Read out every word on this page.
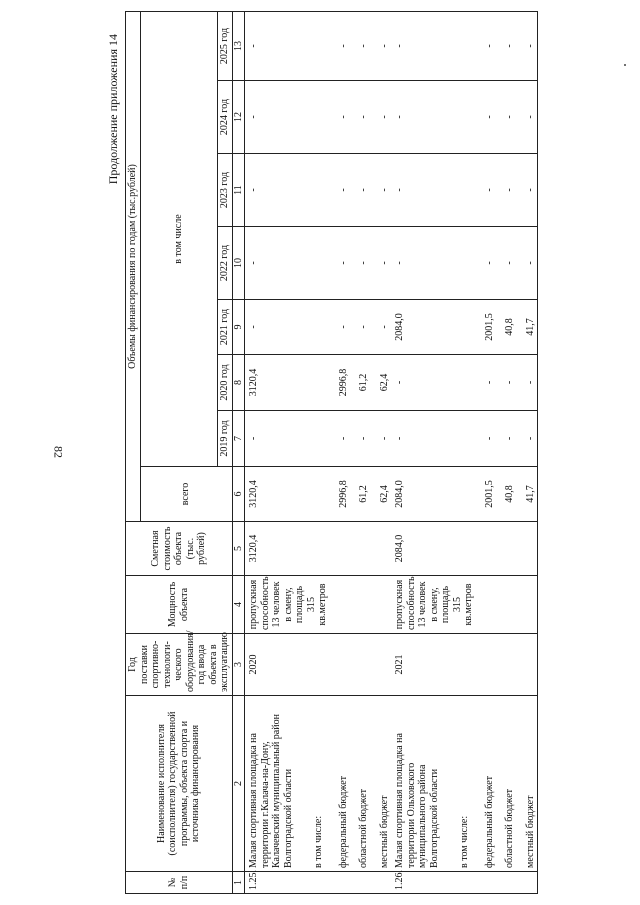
82
Продолжение приложения 14
№ п/п	Наименование исполнителя (соисполнителя) государственной программы, объекта спорта и источника финансирования	Год поставки спортивно-технологи-ческого оборудования/ год ввода объекта в эксплуатацию	Мощность объекта	Сметная стоимость объекта (тыс. рублей)	Объемы финансирования по годам (тыс.рублей)							
					всего	в том числе						
						2019 год	2020 год	2021 год	2022 год	2023 год	2024 год	2025 год
1	2	3	4	5	6	7	8	9	10	11	12	13
1.25.	Малая спортивная площадка на территории г.Калача-на-Дону, Калачевский муниципальный район Волгоградской области	2020	пропускная способность 13 человек в смену, площадь 315 кв.метров	3120,4	3120,4	-	3120,4	-	-	-	-	-
	в том числе:											
	федеральный бюджет				2996,8	-	2996,8	-	-	-	-	-
	областной бюджет				61,2	-	61,2	-	-	-	-	-
	местный бюджет				62,4	-	62,4	-	-	-	-	-
1.26.	Малая спортивная площадка на территории Ольховского муниципального района Волгоградской области	2021	пропускная способность 13 человек в смену, площадь 315 кв.метров	2084,0	2084,0	-	-	2084,0	-	-	-	-
	в том числе:											
	федеральный бюджет				2001,5	-	-	2001,5	-	-	-	-
	областной бюджет				40,8	-	-	40,8	-	-	-	-
	местный бюджет				41,7	-	-	41,7	-	-	-	-
